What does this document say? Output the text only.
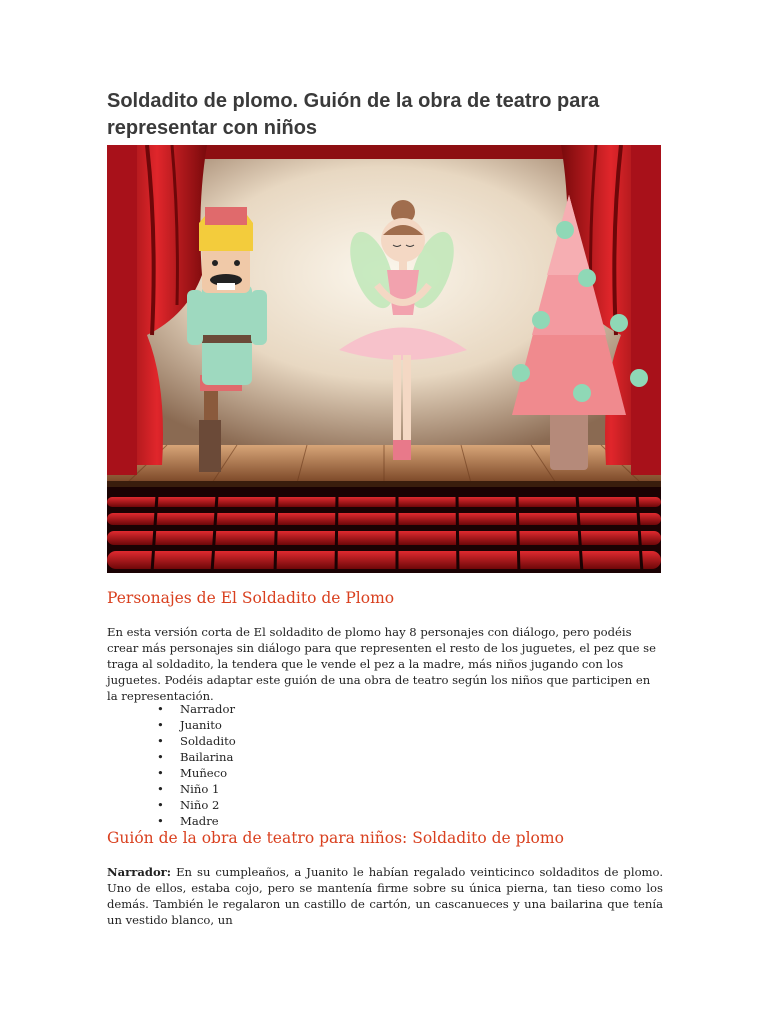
Soldadito de plomo. Guión de la obra de teatro para representar con niños
Personajes de El Soldadito de Plomo

En esta versión corta de El soldadito de plomo hay 8 personajes con diálogo, pero podéis crear más personajes sin diálogo para que representen el resto de los juguetes, el pez que se traga al soldadito, la tendera que le vende el pez a la madre, más niños jugando con los juguetes. Podéis adaptar este guión de una obra de teatro según los niños que participen en la representación.

• Narrador
• Juanito
• Soldadito
• Bailarina
• Muñeco
• Niño 1
• Niño 2
• Madre
Guión de la obra de teatro para niños: Soldadito de plomo

Narrador: En su cumpleaños, a Juanito le habían regalado veinticinco soldaditos de plomo. Uno de ellos, estaba cojo, pero se mantenía firme sobre su única pierna, tan tieso como los demás. También le regalaron un castillo de cartón, un cascanueces y una bailarina que tenía un vestido blanco, un
